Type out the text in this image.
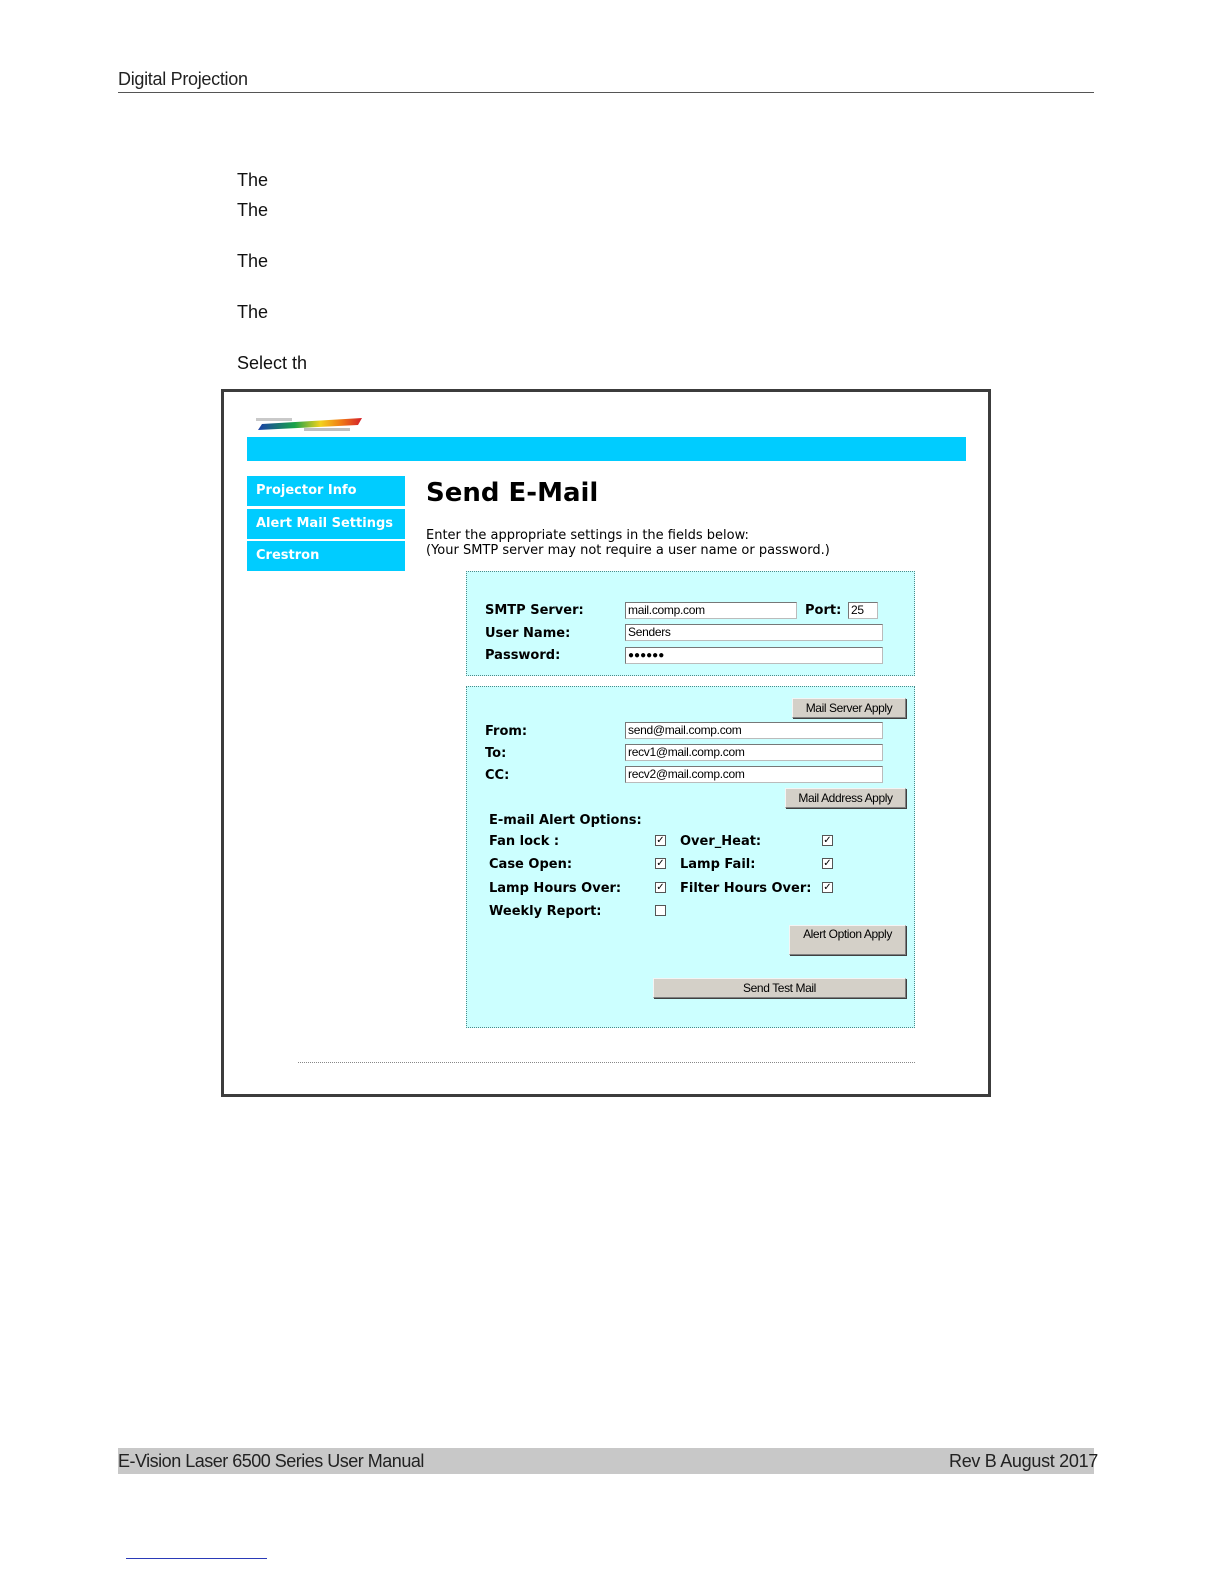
Digital Projection
The
The
The
The
Select th
Projector Info
Alert Mail Settings
Crestron
Send E-Mail
Enter the appropriate settings in the fields below:
(Your SMTP server may not require a user name or password.)
SMTP Server:	mail.comp.com	Port: 25
User Name:	Senders
Password:	●●●●●●
Mail Server Apply
From:	send@mail.comp.com
To:	recv1@mail.comp.com
CC:	recv2@mail.comp.com
Mail Address Apply
E-mail Alert Options:
Fan lock :	✓ Over_Heat:	✓
Case Open:	✓ Lamp Fail:	✓
Lamp Hours Over:	✓ Filter Hours Over: ✓
Weekly Report:
Alert Option Apply
Send Test Mail
E-Vision Laser 6500 Series User Manual	Rev B August 2017
